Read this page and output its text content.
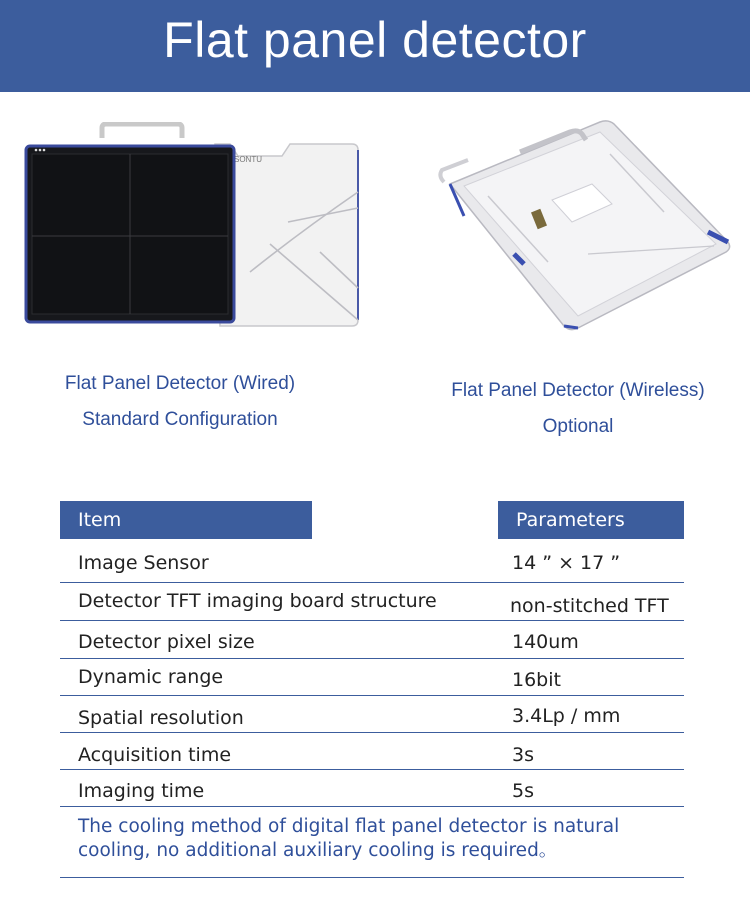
Flat panel detector
SONTU
Flat Panel Detector (Wired)
Standard Configuration
Flat Panel Detector (Wireless)
Optional
Item	Parameters
Image Sensor	14 ” × 17 ”
Detector TFT imaging board structure	non-stitched TFT
Detector pixel size	140um
Dynamic range	16bit
Spatial resolution	3.4Lp / mm
Acquisition time	3s
Imaging time	5s
The cooling method of digital flat panel detector is natural cooling, no additional auxiliary cooling is required。
